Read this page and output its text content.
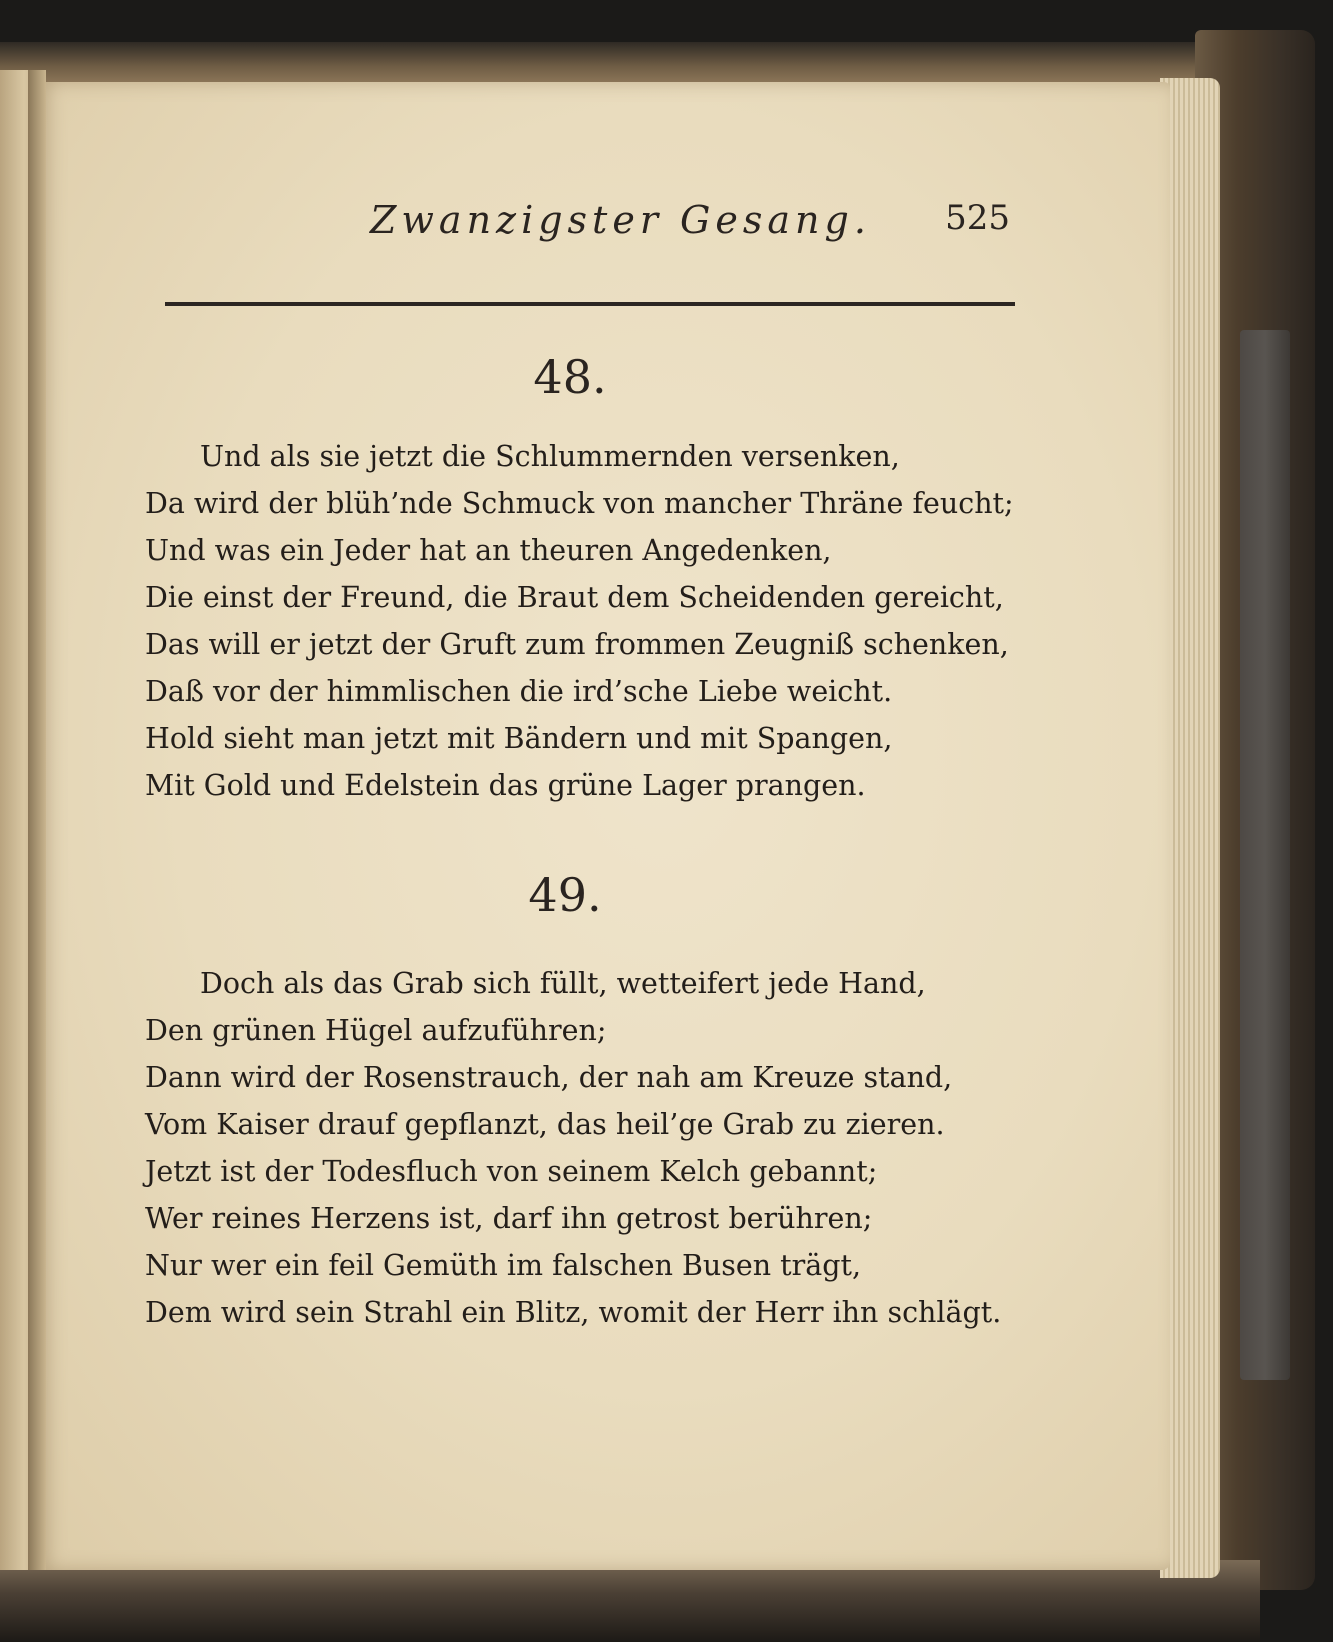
Zwanzigster Gesang. 525
48.
Und als sie jetzt die Schlummernden versenken,
Da wird der blüh’nde Schmuck von mancher Thräne feucht;
Und was ein Jeder hat an theuren Angedenken,
Die einst der Freund, die Braut dem Scheidenden gereicht,
Das will er jetzt der Gruft zum frommen Zeugniß schenken,
Daß vor der himmlischen die ird’sche Liebe weicht.
Hold sieht man jetzt mit Bändern und mit Spangen,
Mit Gold und Edelstein das grüne Lager prangen.
49.
Doch als das Grab sich füllt, wetteifert jede Hand,
Den grünen Hügel aufzuführen;
Dann wird der Rosenstrauch, der nah am Kreuze stand,
Vom Kaiser drauf gepflanzt, das heil’ge Grab zu zieren.
Jetzt ist der Todesfluch von seinem Kelch gebannt;
Wer reines Herzens ist, darf ihn getrost berühren;
Nur wer ein feil Gemüth im falschen Busen trägt,
Dem wird sein Strahl ein Blitz, womit der Herr ihn schlägt.
